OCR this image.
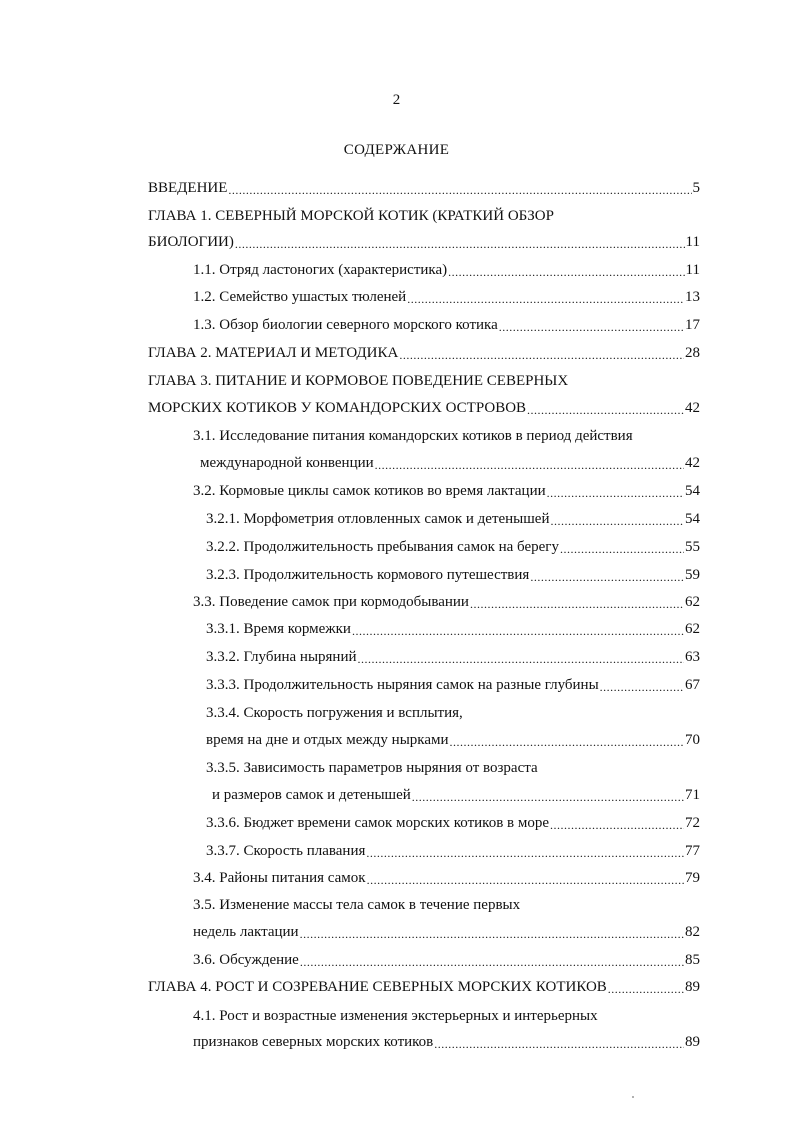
2
СОДЕРЖАНИЕ
ВВЕДЕНИЕ .....	5
ГЛАВА 1. СЕВЕРНЫЙ МОРСКОЙ КОТИК (КРАТКИЙ ОБЗОР
БИОЛОГИИ) .....	11
1.1. Отряд ластоногих (характеристика) .....	11
1.2. Семейство ушастых тюленей .....	13
1.3. Обзор биологии северного морского котика .....	17
ГЛАВА 2. МАТЕРИАЛ И МЕТОДИКА .....	28
ГЛАВА 3. ПИТАНИЕ И КОРМОВОЕ ПОВЕДЕНИЕ СЕВЕРНЫХ
МОРСКИХ КОТИКОВ У КОМАНДОРСКИХ ОСТРОВОВ .....	42
3.1. Исследование питания командорских котиков в период действия
международной конвенции .....	42
3.2. Кормовые циклы самок котиков во время лактации .....	54
3.2.1. Морфометрия отловленных самок и детенышей .....	54
3.2.2. Продолжительность пребывания самок на берегу .....	55
3.2.3. Продолжительность кормового путешествия .....	59
3.3. Поведение самок при кормодобывании .....	62
3.3.1. Время кормежки .....	62
3.3.2. Глубина ныряний .....	63
3.3.3. Продолжительность ныряния самок на разные глубины .....	67
3.3.4. Скорость погружения и всплытия,
время на дне и отдых между нырками .....	70
3.3.5. Зависимость параметров ныряния от возраста
и размеров самок и детенышей .....	71
3.3.6. Бюджет времени самок морских котиков в море .....	72
3.3.7. Скорость плавания .....	77
3.4. Районы питания самок .....	79
3.5. Изменение массы тела самок в течение первых
недель лактации .....	82
3.6. Обсуждение .....	85
ГЛАВА 4. РОСТ И СОЗРЕВАНИЕ СЕВЕРНЫХ МОРСКИХ КОТИКОВ .....	89
4.1. Рост и возрастные изменения экстерьерных и интерьерных
признаков северных морских котиков .....	89
